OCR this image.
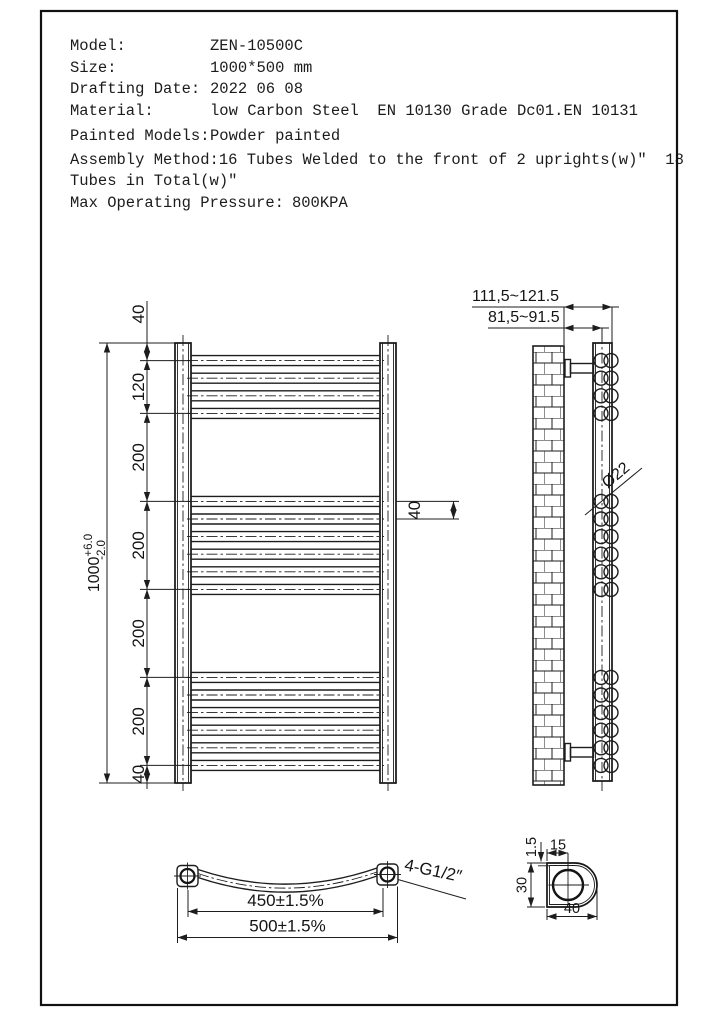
Model:	ZEN-10500C
Size:	1000*500 mm
Drafting Date: 2022 06 08
Material:	low Carbon Steel  EN 10130 Grade Dc01.EN 10131
Painted Models: Powder painted
Assembly Method: 16 Tubes Welded to the front of 2 uprights(w)″  18
Tubes in Total(w)″
Max Operating Pressure: 800KPA
40
120
200
200
200
200
40
$1000^{+6.0}-2.0$
40
111,5~121.5
81,5~91.5
Ø22
4-G1/2″
450±1.5%
500±1.5%
1.5 15
30
40
